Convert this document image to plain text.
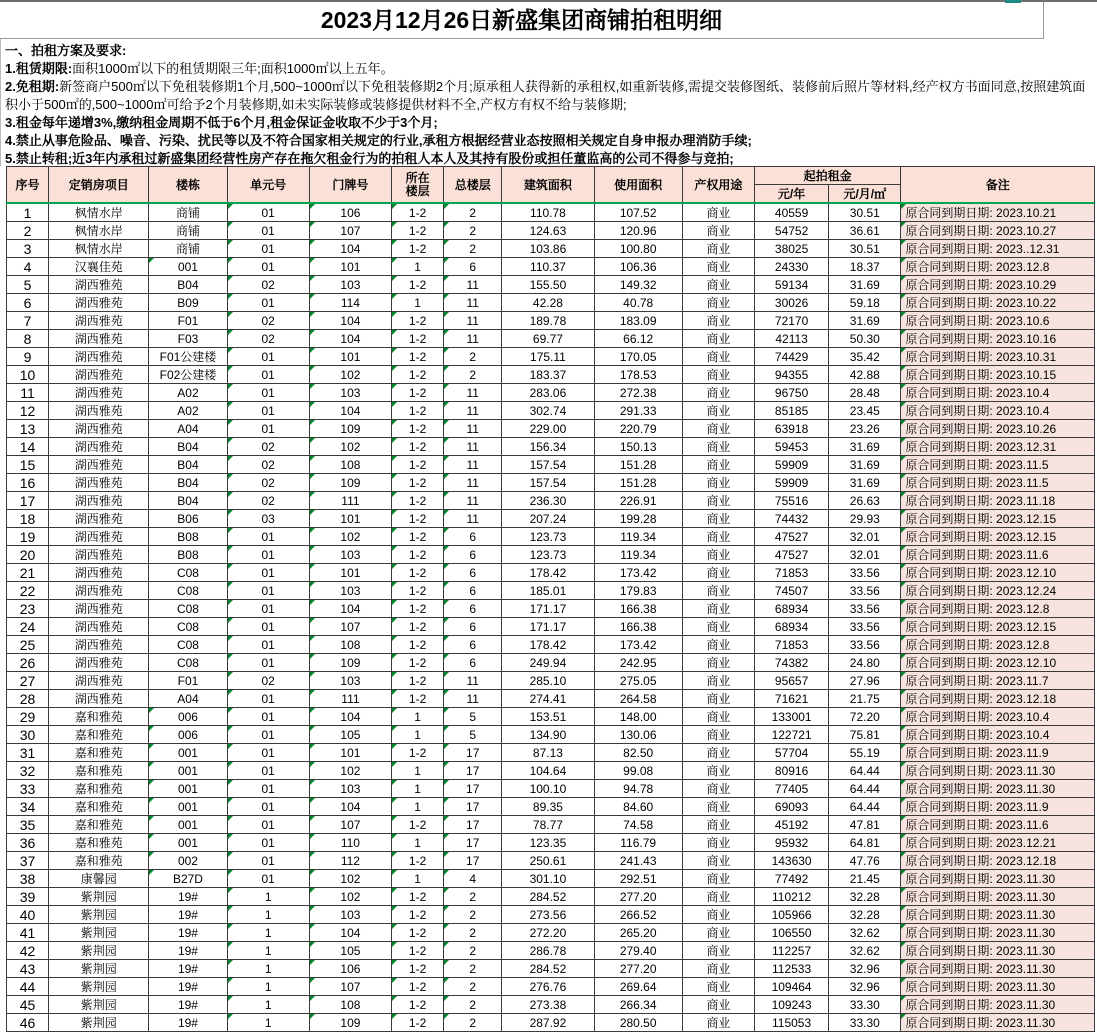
2023月12月26日新盛集团商铺拍租明细
一、拍租方案及要求:
1.租赁期限:面积1000㎡以下的租赁期限三年;面积1000㎡以上五年。
2.免租期:新签商户500㎡以下免租装修期1个月,500~1000㎡以下免租装修期2个月;原承租人获得新的承租权,如重新装修,需提交装修图纸、装修前后照片等材料,经产权方书面同意,按照建筑面积小于500㎡的,500~1000㎡可给予2个月装修期,如未实际装修或装修提供材料不全,产权方有权不给与装修期;
3.租金每年递增3%,缴纳租金周期不低于6个月,租金保证金收取不少于3个月;
4.禁止从事危险品、噪音、污染、扰民等以及不符合国家相关规定的行业,承租方根据经营业态按照相关规定自身申报办理消防手续;
5.禁止转租;近3年内承租过新盛集团经营性房产存在拖欠租金行为的拍租人本人及其持有股份或担任董监高的公司不得参与竞拍;
序号	定销房项目	楼栋	单元号	门牌号	所在楼层	总楼层	建筑面积	使用面积	产权用途	起拍租金		备注
										元/年	元/月/㎡	
1	枫情水岸	商铺	01	106	1-2	2	110.78	107.52	商业	40559	30.51	原合同到期日期: 2023.10.21

2	枫情水岸	商铺	01	107	1-2	2	124.63	120.96	商业	54752	36.61	原合同到期日期: 2023.10.27

3	枫情水岸	商铺	01	104	1-2	2	103.86	100.80	商业	38025	30.51	原合同到期日期: 2023..12.31

4	汉襄佳苑	001	01	101	1	6	110.37	106.36	商业	24330	18.37	原合同到期日期: 2023.12.8

5	湖西雅苑	B04	02	103	1-2	11	155.50	149.32	商业	59134	31.69	原合同到期日期: 2023.10.29

6	湖西雅苑	B09	01	114	1	11	42.28	40.78	商业	30026	59.18	原合同到期日期: 2023.10.22

7	湖西雅苑	F01	02	104	1-2	11	189.78	183.09	商业	72170	31.69	原合同到期日期: 2023.10.6

8	湖西雅苑	F03	02	104	1-2	11	69.77	66.12	商业	42113	50.30	原合同到期日期: 2023.10.16

9	湖西雅苑	F01公建楼	01	101	1-2	2	175.11	170.05	商业	74429	35.42	原合同到期日期: 2023.10.31

10	湖西雅苑	F02公建楼	01	102	1-2	2	183.37	178.53	商业	94355	42.88	原合同到期日期: 2023.10.15

11	湖西雅苑	A02	01	103	1-2	11	283.06	272.38	商业	96750	28.48	原合同到期日期: 2023.10.4

12	湖西雅苑	A02	01	104	1-2	11	302.74	291.33	商业	85185	23.45	原合同到期日期: 2023.10.4

13	湖西雅苑	A04	01	109	1-2	11	229.00	220.79	商业	63918	23.26	原合同到期日期: 2023.10.26

14	湖西雅苑	B04	02	102	1-2	11	156.34	150.13	商业	59453	31.69	原合同到期日期: 2023.12.31

15	湖西雅苑	B04	02	108	1-2	11	157.54	151.28	商业	59909	31.69	原合同到期日期: 2023.11.5

16	湖西雅苑	B04	02	109	1-2	11	157.54	151.28	商业	59909	31.69	原合同到期日期: 2023.11.5

17	湖西雅苑	B04	02	111	1-2	11	236.30	226.91	商业	75516	26.63	原合同到期日期: 2023.11.18

18	湖西雅苑	B06	03	101	1-2	11	207.24	199.28	商业	74432	29.93	原合同到期日期: 2023.12.15

19	湖西雅苑	B08	01	102	1-2	6	123.73	119.34	商业	47527	32.01	原合同到期日期: 2023.12.15

20	湖西雅苑	B08	01	103	1-2	6	123.73	119.34	商业	47527	32.01	原合同到期日期: 2023.11.6

21	湖西雅苑	C08	01	101	1-2	6	178.42	173.42	商业	71853	33.56	原合同到期日期: 2023.12.10

22	湖西雅苑	C08	01	103	1-2	6	185.01	179.83	商业	74507	33.56	原合同到期日期: 2023.12.24

23	湖西雅苑	C08	01	104	1-2	6	171.17	166.38	商业	68934	33.56	原合同到期日期: 2023.12.8

24	湖西雅苑	C08	01	107	1-2	6	171.17	166.38	商业	68934	33.56	原合同到期日期: 2023.12.15

25	湖西雅苑	C08	01	108	1-2	6	178.42	173.42	商业	71853	33.56	原合同到期日期: 2023.12.8

26	湖西雅苑	C08	01	109	1-2	6	249.94	242.95	商业	74382	24.80	原合同到期日期: 2023.12.10

27	湖西雅苑	F01	02	103	1-2	11	285.10	275.05	商业	95657	27.96	原合同到期日期: 2023.11.7

28	湖西雅苑	A04	01	111	1-2	11	274.41	264.58	商业	71621	21.75	原合同到期日期: 2023.12.18

29	嘉和雅苑	006	01	104	1	5	153.51	148.00	商业	133001	72.20	原合同到期日期: 2023.10.4

30	嘉和雅苑	006	01	105	1	5	134.90	130.06	商业	122721	75.81	原合同到期日期: 2023.10.4

31	嘉和雅苑	001	01	101	1-2	17	87.13	82.50	商业	57704	55.19	原合同到期日期: 2023.11.9

32	嘉和雅苑	001	01	102	1	17	104.64	99.08	商业	80916	64.44	原合同到期日期: 2023.11.30

33	嘉和雅苑	001	01	103	1	17	100.10	94.78	商业	77405	64.44	原合同到期日期: 2023.11.30

34	嘉和雅苑	001	01	104	1	17	89.35	84.60	商业	69093	64.44	原合同到期日期: 2023.11.9

35	嘉和雅苑	001	01	107	1-2	17	78.77	74.58	商业	45192	47.81	原合同到期日期: 2023.11.6

36	嘉和雅苑	001	01	110	1	17	123.35	116.79	商业	95932	64.81	原合同到期日期: 2023.12.21

37	嘉和雅苑	002	01	112	1-2	17	250.61	241.43	商业	143630	47.76	原合同到期日期: 2023.12.18

38	康馨园	B27D	01	102	1	4	301.10	292.51	商业	77492	21.45	原合同到期日期: 2023.11.30

39	紫荆园	19#	1	102	1-2	2	284.52	277.20	商业	110212	32.28	原合同到期日期: 2023.11.30

40	紫荆园	19#	1	103	1-2	2	273.56	266.52	商业	105966	32.28	原合同到期日期: 2023.11.30

41	紫荆园	19#	1	104	1-2	2	272.20	265.20	商业	106550	32.62	原合同到期日期: 2023.11.30

42	紫荆园	19#	1	105	1-2	2	286.78	279.40	商业	112257	32.62	原合同到期日期: 2023.11.30

43	紫荆园	19#	1	106	1-2	2	284.52	277.20	商业	112533	32.96	原合同到期日期: 2023.11.30

44	紫荆园	19#	1	107	1-2	2	276.76	269.64	商业	109464	32.96	原合同到期日期: 2023.11.30

45	紫荆园	19#	1	108	1-2	2	273.38	266.34	商业	109243	33.30	原合同到期日期: 2023.11.30

46	紫荆园	19#	1	109	1-2	2	287.92	280.50	商业	115053	33.30	原合同到期日期: 2023.11.30
